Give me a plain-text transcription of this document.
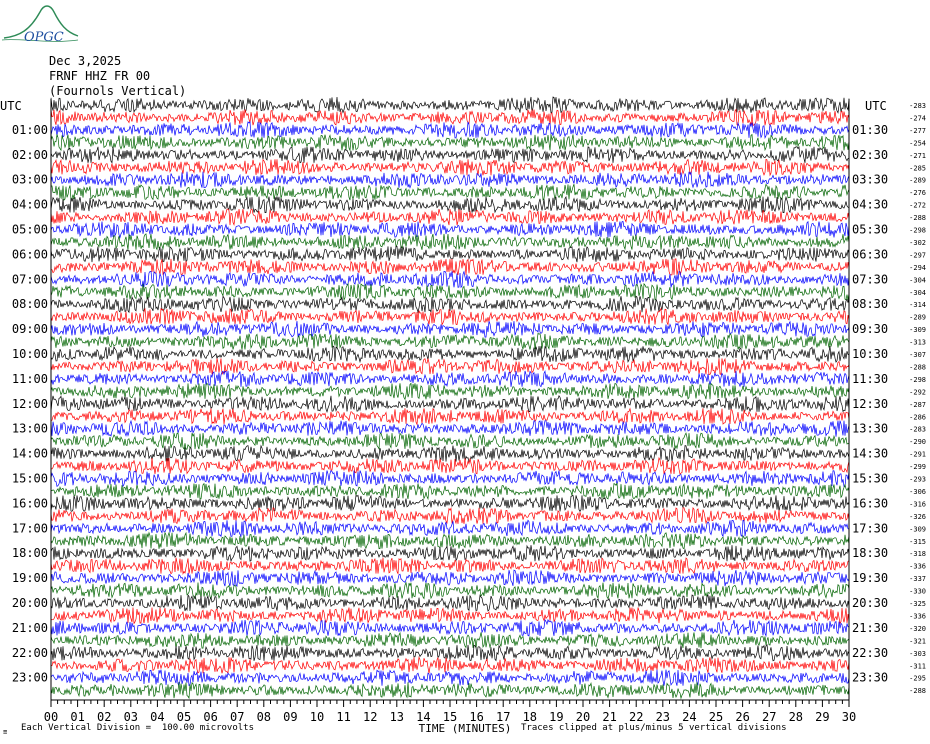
OPGC
Dec 3,2025
FRNF HHZ FR 00
(Fournols Vertical)
00 01 02 03 04 05 06 07 08 09 10 11 12 13 14 15 16 17 18 19 20 21 22 23 24 25 26 27 28 29 30
TIME (MINUTES)
UTC	UTC
01:00
02:00
03:00
04:00
05:00
06:00
07:00
08:00
09:00
10:00
11:00
12:00
13:00
14:00
15:00
16:00
17:00
18:00
19:00
20:00
21:00
22:00
23:00
01:30
02:30
03:30
04:30
05:30
06:30
07:30
08:30
09:30
10:30
11:30
12:30
13:30
14:30
15:30
16:30
17:30
18:30
19:30
20:30
21:30
22:30
23:30
-283
-274
-277
-254
-271
-285
-289
-276
-272
-288
-298
-302
-297
-294
-304
-304
-314
-289
-309
-313
-307
-288
-298
-292
-287
-286
-283
-290
-291
-299
-293
-306
-316
-326
-309
-315
-318
-336
-337
-330
-325
-336
-320
-321
-303
-311
-295
-288
≡ Each Vertical Division =  100.00 microvolts	Traces clipped at plus/minus 5 vertical divisions
